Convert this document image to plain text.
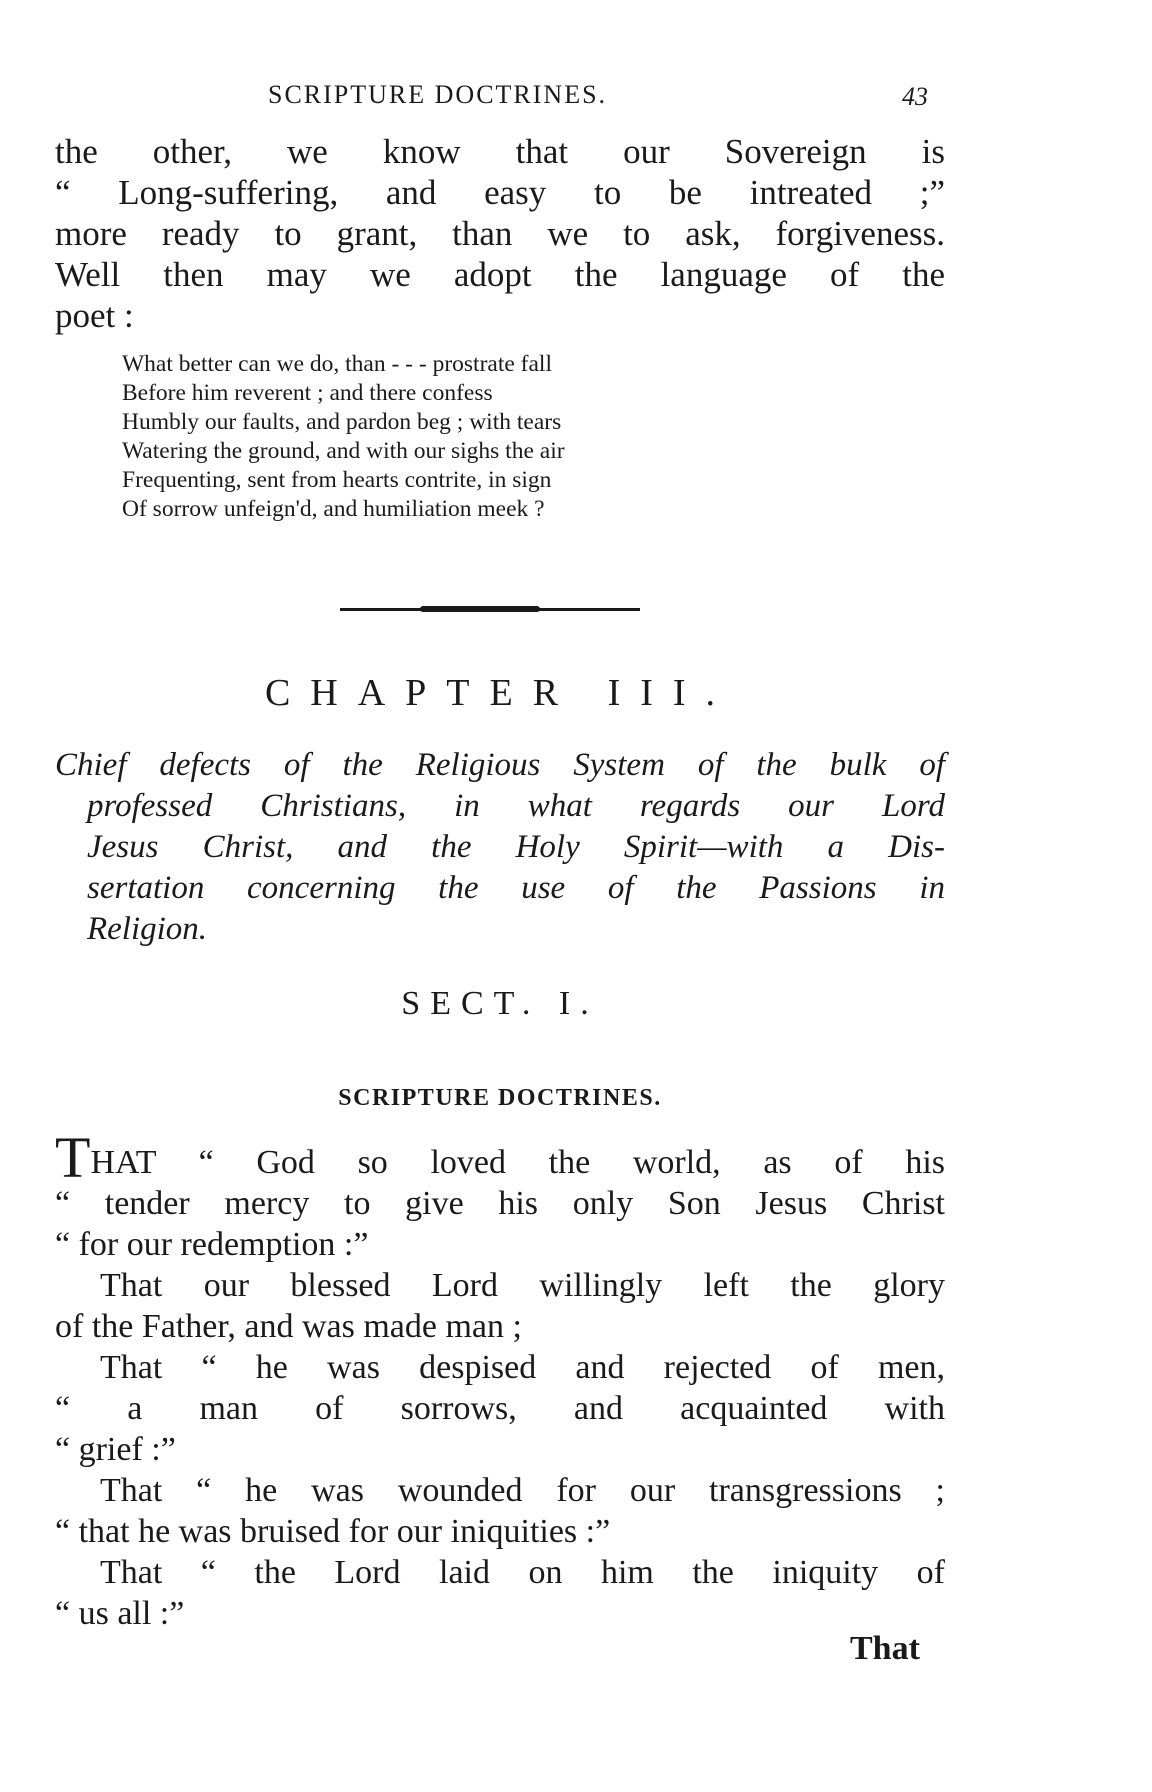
SCRIPTURE DOCTRINES.	43
the other, we know that our Sovereign is
“ Long-suffering, and easy to be intreated ;”
more ready to grant, than we to ask, forgiveness.
Well then may we adopt the language of the
poet :
What better can we do, than - - - prostrate fall
Before him reverent ; and there confess
Humbly our faults, and pardon beg ; with tears
Watering the ground, and with our sighs the air
Frequenting, sent from hearts contrite, in sign
Of sorrow unfeign'd, and humiliation meek ?
CHAPTER III.
Chief defects of the Religious System of the bulk of
professed Christians, in what regards our Lord
Jesus Christ, and the Holy Spirit—with a Dis-
sertation concerning the use of the Passions in
Religion.
SECT. I.
SCRIPTURE DOCTRINES.
THAT “ God so loved the world, as of his
“ tender mercy to give his only Son Jesus Christ
“ for our redemption :”
That our blessed Lord willingly left the glory
of the Father, and was made man ;
That “ he was despised and rejected of men,
“ a man of sorrows, and acquainted with
“ grief :”
That “ he was wounded for our transgressions ;
“ that he was bruised for our iniquities :”
That “ the Lord laid on him the iniquity of
“ us all :”
That
